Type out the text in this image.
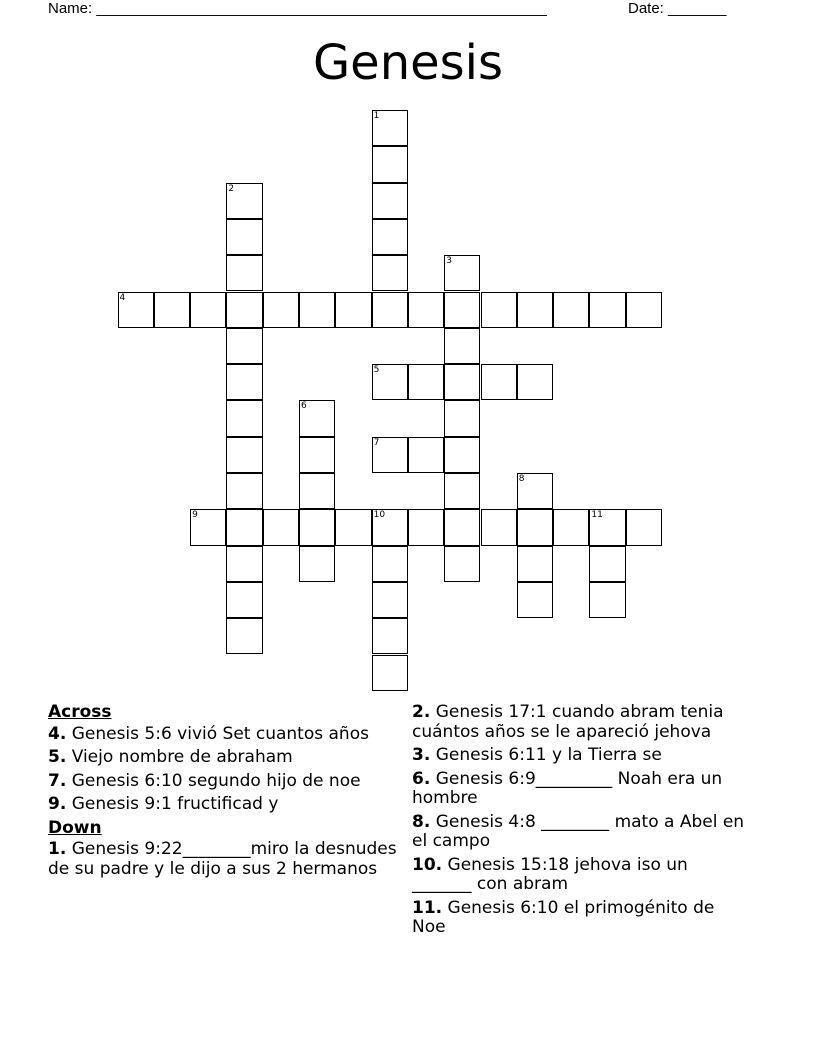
Name: ______________________________________________________	Date: _______
Genesis
1
2
3
4
5
6
7
8
9	10	11
Across
4. Genesis 5:6 vivió Set cuantos años
5. Viejo nombre de abraham
7. Genesis 6:10 segundo hijo de noe
9. Genesis 9:1 fructificad y
Down
1. Genesis 9:22________miro la desnudes de su padre y le dijo a sus 2 hermanos
2. Genesis 17:1 cuando abram tenia cuántos años se le apareció jehova
3. Genesis 6:11 y la Tierra se
6. Genesis 6:9_________ Noah era un hombre
8. Genesis 4:8 ________ mato a Abel en el campo
10. Genesis 15:18 jehova iso un _______ con abram
11. Genesis 6:10 el primogénito de Noe
